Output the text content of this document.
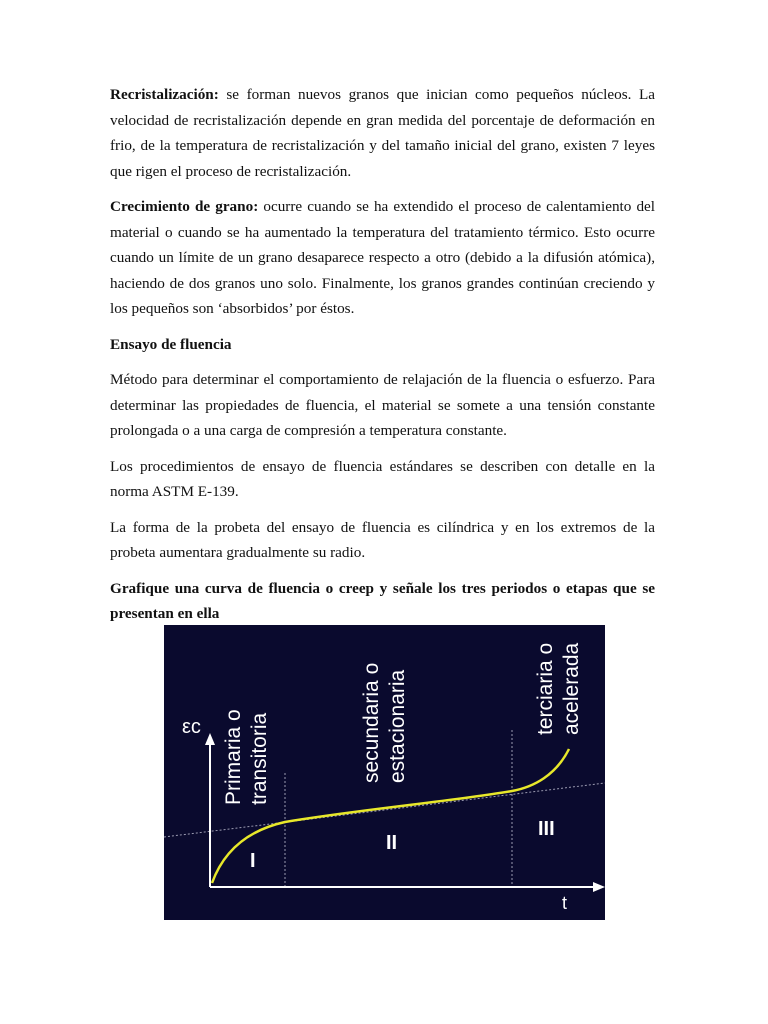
Recristalización: se forman nuevos granos que inician como pequeños núcleos. La velocidad de recristalización depende en gran medida del porcentaje de deformación en frio, de la temperatura de recristalización y del tamaño inicial del grano, existen 7 leyes que rigen el proceso de recristalización.

Crecimiento de grano: ocurre cuando se ha extendido el proceso de calentamiento del material o cuando se ha aumentado la temperatura del tratamiento térmico. Esto ocurre cuando un límite de un grano desaparece respecto a otro (debido a la difusión atómica), haciendo de dos granos uno solo. Finalmente, los granos grandes continúan creciendo y los pequeños son ‘absorbidos’ por éstos.

Ensayo de fluencia

Método para determinar el comportamiento de relajación de la fluencia o esfuerzo. Para determinar las propiedades de fluencia, el material se somete a una tensión constante prolongada o a una carga de compresión a temperatura constante.

Los procedimientos de ensayo de fluencia estándares se describen con detalle en la norma ASTM E-139.

La forma de la probeta del ensayo de fluencia es cilíndrica y en los extremos de la probeta aumentara gradualmente su radio.

Grafique una curva de fluencia o creep y señale los tres periodos o etapas que se presentan en ella

εc
t
I
II
III
Primaria o transitoria	secundaria o estacionaria	terciaria o acelerada
